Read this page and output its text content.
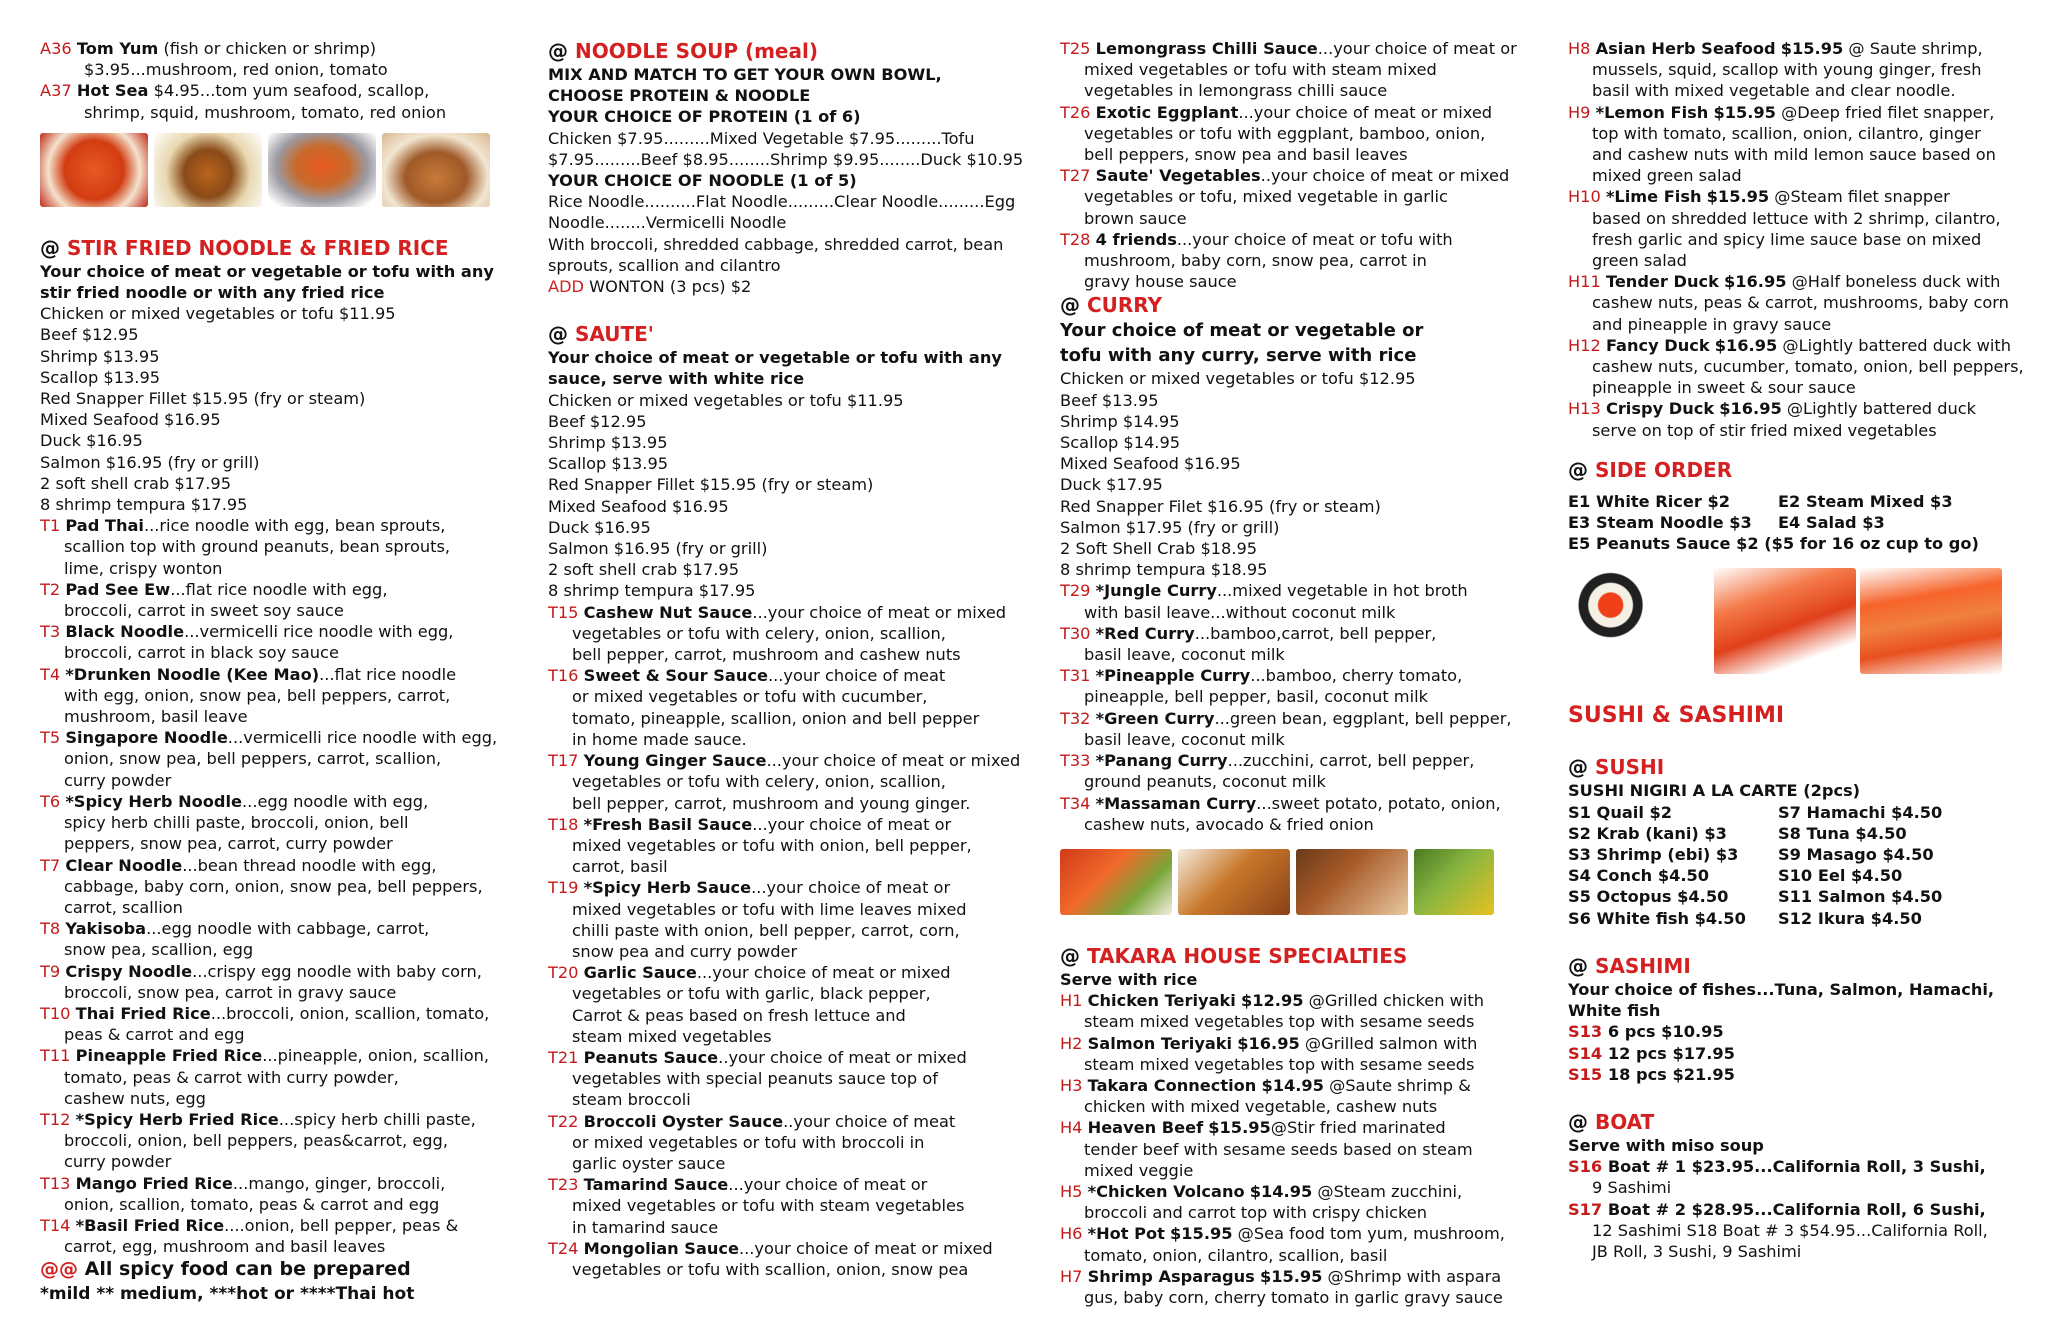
A36 Tom Yum (fish or chicken or shrimp)
$3.95...mushroom, red onion, tomato
A37 Hot Sea $4.95...tom yum seafood, scallop,
shrimp, squid, mushroom, tomato, red onion
@ STIR FRIED NOODLE & FRIED RICE
Your choice of meat or vegetable or tofu with any
stir fried noodle or with any fried rice
Chicken or mixed vegetables or tofu $11.95
Beef $12.95
Shrimp $13.95
Scallop $13.95
Red Snapper Fillet $15.95 (fry or steam)
Mixed Seafood $16.95
Duck $16.95
Salmon $16.95 (fry or grill)
2 soft shell crab $17.95
8 shrimp tempura $17.95
T1 Pad Thai...rice noodle with egg, bean sprouts,
scallion top with ground peanuts, bean sprouts,
lime, crispy wonton
T2 Pad See Ew...flat rice noodle with egg,
broccoli, carrot in sweet soy sauce
T3 Black Noodle...vermicelli rice noodle with egg,
broccoli, carrot in black soy sauce
T4 *Drunken Noodle (Kee Mao)...flat rice noodle
with egg, onion, snow pea, bell peppers, carrot,
mushroom, basil leave
T5 Singapore Noodle...vermicelli rice noodle with egg,
onion, snow pea, bell peppers, carrot, scallion,
curry powder
T6 *Spicy Herb Noodle...egg noodle with egg,
spicy herb chilli paste, broccoli, onion, bell
peppers, snow pea, carrot, curry powder
T7 Clear Noodle...bean thread noodle with egg,
cabbage, baby corn, onion, snow pea, bell peppers,
carrot, scallion
T8 Yakisoba...egg noodle with cabbage, carrot,
snow pea, scallion, egg
T9 Crispy Noodle...crispy egg noodle with baby corn,
broccoli, snow pea, carrot in gravy sauce
T10 Thai Fried Rice...broccoli, onion, scallion, tomato,
peas & carrot and egg
T11 Pineapple Fried Rice...pineapple, onion, scallion,
tomato, peas & carrot with curry powder,
cashew nuts, egg
T12 *Spicy Herb Fried Rice...spicy herb chilli paste,
broccoli, onion, bell peppers, peas&carrot, egg,
curry powder
T13 Mango Fried Rice...mango, ginger, broccoli,
onion, scallion, tomato, peas & carrot and egg
T14 *Basil Fried Rice....onion, bell pepper, peas &
carrot, egg, mushroom and basil leaves
@@ All spicy food can be prepared
*mild ** medium, ***hot or ****Thai hot
@ NOODLE SOUP (meal)
MIX AND MATCH TO GET YOUR OWN BOWL,
CHOOSE PROTEIN & NOODLE
YOUR CHOICE OF PROTEIN (1 of 6)
Chicken $7.95.........Mixed Vegetable $7.95.........Tofu
$7.95.........Beef $8.95........Shrimp $9.95........Duck $10.95
YOUR CHOICE OF NOODLE (1 of 5)
Rice Noodle..........Flat Noodle.........Clear Noodle.........Egg
Noodle........Vermicelli Noodle
With broccoli, shredded cabbage, shredded carrot, bean
sprouts, scallion and cilantro
ADD WONTON (3 pcs) $2
@ SAUTE'
Your choice of meat or vegetable or tofu with any
sauce, serve with white rice
Chicken or mixed vegetables or tofu $11.95
Beef $12.95
Shrimp $13.95
Scallop $13.95
Red Snapper Fillet $15.95 (fry or steam)
Mixed Seafood $16.95
Duck $16.95
Salmon $16.95 (fry or grill)
2 soft shell crab $17.95
8 shrimp tempura $17.95
T15 Cashew Nut Sauce...your choice of meat or mixed
vegetables or tofu with celery, onion, scallion,
bell pepper, carrot, mushroom and cashew nuts
T16 Sweet & Sour Sauce...your choice of meat
or mixed vegetables or tofu with cucumber,
tomato, pineapple, scallion, onion and bell pepper
in home made sauce.
T17 Young Ginger Sauce...your choice of meat or mixed
vegetables or tofu with celery, onion, scallion,
bell pepper, carrot, mushroom and young ginger.
T18 *Fresh Basil Sauce...your choice of meat or
mixed vegetables or tofu with onion, bell pepper,
carrot, basil
T19 *Spicy Herb Sauce...your choice of meat or
mixed vegetables or tofu with lime leaves mixed
chilli paste with onion, bell pepper, carrot, corn,
snow pea and curry powder
T20 Garlic Sauce...your choice of meat or mixed
vegetables or tofu with garlic, black pepper,
Carrot & peas based on fresh lettuce and
steam mixed vegetables
T21 Peanuts Sauce..your choice of meat or mixed
vegetables with special peanuts sauce top of
steam broccoli
T22 Broccoli Oyster Sauce..your choice of meat
or mixed vegetables or tofu with broccoli in
garlic oyster sauce
T23 Tamarind Sauce...your choice of meat or
mixed vegetables or tofu with steam vegetables
in tamarind sauce
T24 Mongolian Sauce...your choice of meat or mixed
vegetables or tofu with scallion, onion, snow pea
T25 Lemongrass Chilli Sauce...your choice of meat or
mixed vegetables or tofu with steam mixed
vegetables in lemongrass chilli sauce
T26 Exotic Eggplant...your choice of meat or mixed
vegetables or tofu with eggplant, bamboo, onion,
bell peppers, snow pea and basil leaves
T27 Saute' Vegetables..your choice of meat or mixed
vegetables or tofu, mixed vegetable in garlic
brown sauce
T28 4 friends...your choice of meat or tofu with
mushroom, baby corn, snow pea, carrot in
gravy house sauce
@ CURRY
Your choice of meat or vegetable or
tofu with any curry, serve with rice
Chicken or mixed vegetables or tofu $12.95
Beef $13.95
Shrimp $14.95
Scallop $14.95
Mixed Seafood $16.95
Duck $17.95
Red Snapper Filet $16.95 (fry or steam)
Salmon $17.95 (fry or grill)
2 Soft Shell Crab $18.95
8 shrimp tempura $18.95
T29 *Jungle Curry...mixed vegetable in hot broth
with basil leave...without coconut milk
T30 *Red Curry...bamboo,carrot, bell pepper,
basil leave, coconut milk
T31 *Pineapple Curry...bamboo, cherry tomato,
pineapple, bell pepper, basil, coconut milk
T32 *Green Curry...green bean, eggplant, bell pepper,
basil leave, coconut milk
T33 *Panang Curry...zucchini, carrot, bell pepper,
ground peanuts, coconut milk
T34 *Massaman Curry...sweet potato, potato, onion,
cashew nuts, avocado & fried onion
@ TAKARA HOUSE SPECIALTIES
Serve with rice
H1 Chicken Teriyaki $12.95 @Grilled chicken with
steam mixed vegetables top with sesame seeds
H2 Salmon Teriyaki $16.95 @Grilled salmon with
steam mixed vegetables top with sesame seeds
H3 Takara Connection $14.95 @Saute shrimp &
chicken with mixed vegetable, cashew nuts
H4 Heaven Beef $15.95@Stir fried marinated
tender beef with sesame seeds based on steam
mixed veggie
H5 *Chicken Volcano $14.95 @Steam zucchini,
broccoli and carrot top with crispy chicken
H6 *Hot Pot $15.95 @Sea food tom yum, mushroom,
tomato, onion, cilantro, scallion, basil
H7 Shrimp Asparagus $15.95 @Shrimp with aspara
gus, baby corn, cherry tomato in garlic gravy sauce
H8 Asian Herb Seafood $15.95 @ Saute shrimp,
mussels, squid, scallop with young ginger, fresh
basil with mixed vegetable and clear noodle.
H9 *Lemon Fish $15.95 @Deep fried filet snapper,
top with tomato, scallion, onion, cilantro, ginger
and cashew nuts with mild lemon sauce based on
mixed green salad
H10 *Lime Fish $15.95 @Steam filet snapper
based on shredded lettuce with 2 shrimp, cilantro,
fresh garlic and spicy lime sauce base on mixed
green salad
H11 Tender Duck $16.95 @Half boneless duck with
cashew nuts, peas & carrot, mushrooms, baby corn
and pineapple in gravy sauce
H12 Fancy Duck $16.95 @Lightly battered duck with
cashew nuts, cucumber, tomato, onion, bell peppers,
pineapple in sweet & sour sauce
H13 Crispy Duck $16.95 @Lightly battered duck
serve on top of stir fried mixed vegetables
@ SIDE ORDER
E1 White Ricer $2	E2 Steam Mixed $3
E3 Steam Noodle $3	E4 Salad $3
E5 Peanuts Sauce $2 ($5 for 16 oz cup to go)
SUSHI & SASHIMI
@ SUSHI
SUSHI NIGIRI A LA CARTE (2pcs)
S1 Quail $2	S7 Hamachi $4.50
S2 Krab (kani) $3	S8 Tuna $4.50
S3 Shrimp (ebi) $3	S9 Masago $4.50
S4 Conch $4.50	S10 Eel $4.50
S5 Octopus $4.50	S11 Salmon $4.50
S6 White fish $4.50	S12 Ikura $4.50
@ SASHIMI
Your choice of fishes...Tuna, Salmon, Hamachi,
White fish
S13 6 pcs $10.95
S14 12 pcs $17.95
S15 18 pcs $21.95
@ BOAT
Serve with miso soup
S16 Boat # 1 $23.95...California Roll, 3 Sushi,
9 Sashimi
S17 Boat # 2 $28.95...California Roll, 6 Sushi,
12 Sashimi S18 Boat # 3 $54.95...California Roll,
JB Roll, 3 Sushi, 9 Sashimi
